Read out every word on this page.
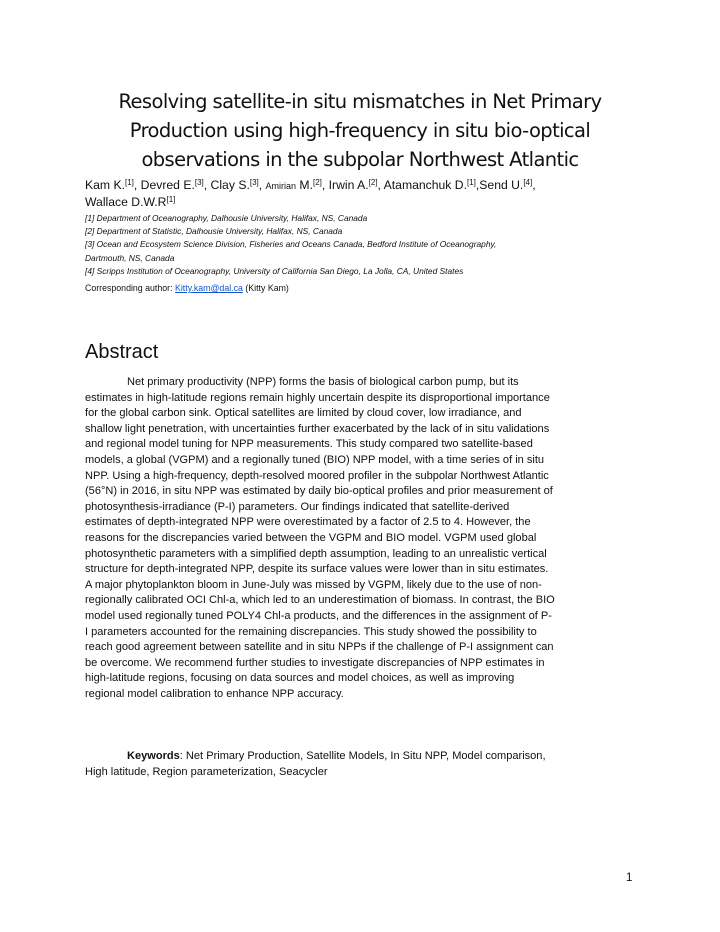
Resolving satellite-in situ mismatches in Net Primary
Production using high-frequency in situ bio-optical
observations in the subpolar Northwest Atlantic
Kam K.[1], Devred E.[3], Clay S.[3], Amirian M.[2], Irwin A.[2], Atamanchuk D.[1],Send U.[4],
Wallace D.W.R[1]
[1] Department of Oceanography, Dalhousie University, Halifax, NS, Canada
[2] Department of Statistic, Dalhousie University, Halifax, NS, Canada
[3] Ocean and Ecosystem Science Division, Fisheries and Oceans Canada, Bedford Institute of Oceanography,
Dartmouth, NS, Canada
[4] Scripps Institution of Oceanography, University of California San Diego, La Jolla, CA, United States
Corresponding author: Kitty.kam@dal.ca (Kitty Kam)
Abstract
Net primary productivity (NPP) forms the basis of biological carbon pump, but its
estimates in high-latitude regions remain highly uncertain despite its disproportional importance
for the global carbon sink. Optical satellites are limited by cloud cover, low irradiance, and
shallow light penetration, with uncertainties further exacerbated by the lack of in situ validations
and regional model tuning for NPP measurements. This study compared two satellite-based
models, a global (VGPM) and a regionally tuned (BIO) NPP model, with a time series of in situ
NPP. Using a high-frequency, depth-resolved moored profiler in the subpolar Northwest Atlantic
(56°N) in 2016, in situ NPP was estimated by daily bio-optical profiles and prior measurement of
photosynthesis-irradiance (P-I) parameters. Our findings indicated that satellite-derived
estimates of depth-integrated NPP were overestimated by a factor of 2.5 to 4. However, the
reasons for the discrepancies varied between the VGPM and BIO model. VGPM used global
photosynthetic parameters with a simplified depth assumption, leading to an unrealistic vertical
structure for depth-integrated NPP, despite its surface values were lower than in situ estimates.
A major phytoplankton bloom in June-July was missed by VGPM, likely due to the use of non-
regionally calibrated OCI Chl-a, which led to an underestimation of biomass. In contrast, the BIO
model used regionally tuned POLY4 Chl-a products, and the differences in the assignment of P-
I parameters accounted for the remaining discrepancies. This study showed the possibility to
reach good agreement between satellite and in situ NPPs if the challenge of P-I assignment can
be overcome. We recommend further studies to investigate discrepancies of NPP estimates in
high-latitude regions, focusing on data sources and model choices, as well as improving
regional model calibration to enhance NPP accuracy.
Keywords: Net Primary Production, Satellite Models, In Situ NPP, Model comparison,
High latitude, Region parameterization, Seacycler
1
